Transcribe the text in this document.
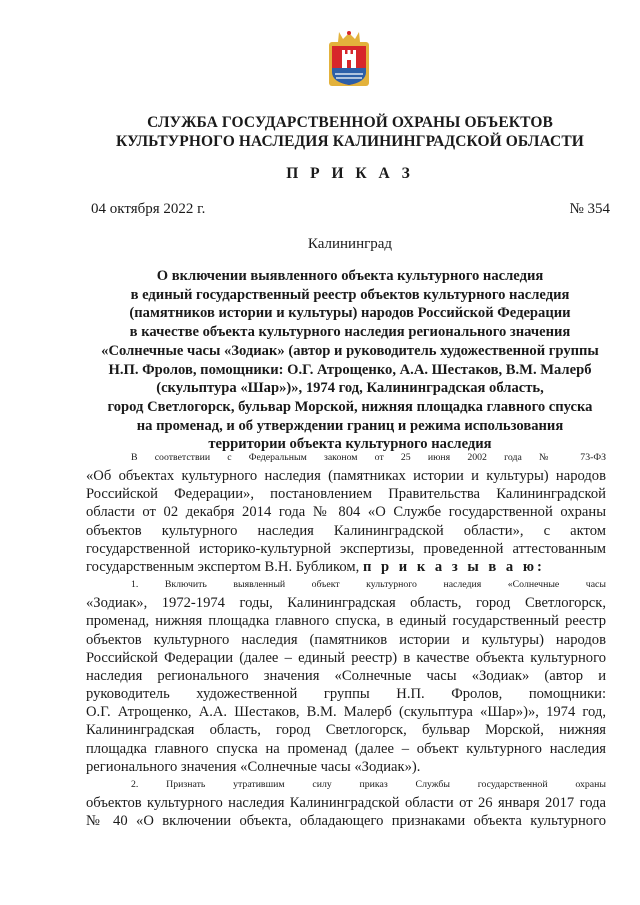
СЛУЖБА ГОСУДАРСТВЕННОЙ ОХРАНЫ ОБЪЕКТОВ
КУЛЬТУРНОГО НАСЛЕДИЯ КАЛИНИНГРАДСКОЙ ОБЛАСТИ
П Р И К А З
04 октября 2022 г.	№ 354
Калининград

О включении выявленного объекта культурного наследия
в единый государственный реестр объектов культурного наследия
(памятников истории и культуры) народов Российской Федерации
в качестве объекта культурного наследия регионального значения
«Солнечные часы «Зодиак» (автор и руководитель художественной группы
Н.П. Фролов, помощники: О.Г. Атрощенко, А.А. Шестаков, В.М. Малерб
(скульптура «Шар»)», 1974 год, Калининградская область,
город Светлогорск, бульвар Морской, нижняя площадка главного спуска
на променад, и об утверждении границ и режима использования
территории объекта культурного наследия

В соответствии с Федеральным законом от 25 июня 2002 года № 73-ФЗ
«Об объектах культурного наследия (памятниках истории и культуры) народов
Российской Федерации», постановлением Правительства Калининградской
области от 02 декабря 2014 года № 804 «О Службе государственной охраны
объектов культурного наследия Калининградской области», с актом
государственной историко-культурной экспертизы, проведенной аттестованным
государственным экспертом В.Н. Бубликом, п р и к а з ы в а ю:
1. Включить выявленный объект культурного наследия «Солнечные часы
«Зодиак», 1972-1974 годы, Калининградская область, город Светлогорск,
променад, нижняя площадка главного спуска, в единый государственный реестр
объектов культурного наследия (памятников истории и культуры) народов
Российской Федерации (далее – единый реестр) в качестве объекта культурного
наследия регионального значения «Солнечные часы «Зодиак» (автор и
руководитель художественной группы Н.П. Фролов, помощники:
О.Г. Атрощенко, А.А. Шестаков, В.М. Малерб (скульптура «Шар»)», 1974 год,
Калининградская область, город Светлогорск, бульвар Морской, нижняя
площадка главного спуска на променад (далее – объект культурного наследия
регионального значения «Солнечные часы «Зодиак»).
2. Признать утратившим силу приказ Службы государственной охраны
объектов культурного наследия Калининградской области от 26 января 2017 года
№ 40 «О включении объекта, обладающего признаками объекта культурного
